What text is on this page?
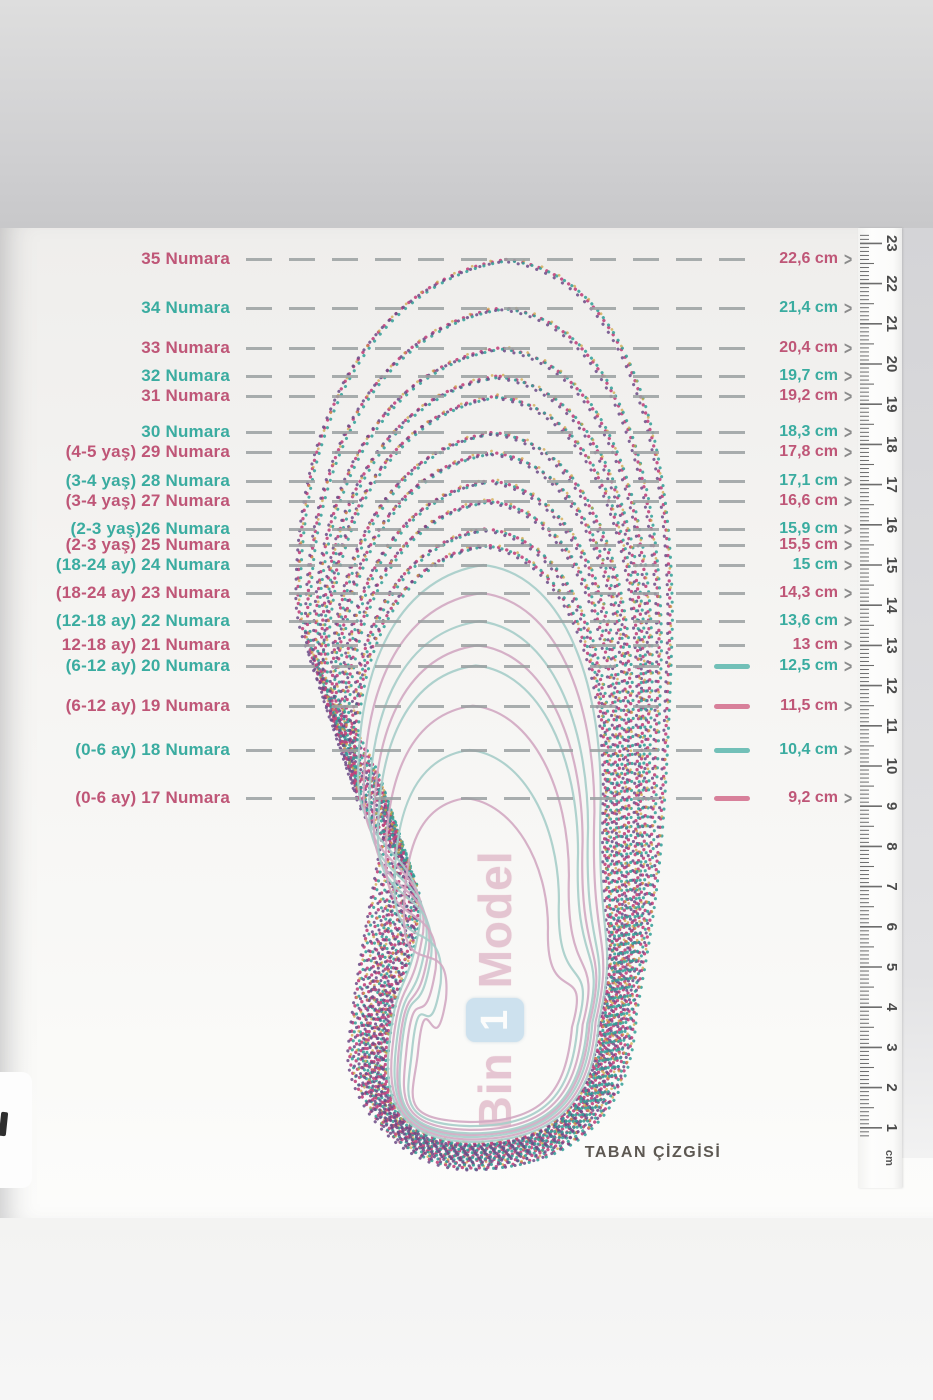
Bin
1
Model
1
2
3
4
5
6
7
8
9
10
11
12
13
14
15
16
17
18
19
20
21
22
23
cm
35 Numara	22,6 cm >
34 Numara	21,4 cm >
33 Numara	20,4 cm >
32 Numara	19,7 cm >
31 Numara	19,2 cm >
30 Numara	18,3 cm >
(4-5 yaş) 29 Numara	17,8 cm >
(3-4 yaş) 28 Numara	17,1 cm >
(3-4 yaş) 27 Numara	16,6 cm >
(2-3 yaş)26 Numara	15,9 cm >
(2-3 yaş) 25 Numara	15,5 cm >
(18-24 ay) 24 Numara	15 cm >
(18-24 ay) 23 Numara	14,3 cm >
(12-18 ay) 22 Numara	13,6 cm >
12-18 ay) 21 Numara	13 cm >
(6-12 ay) 20 Numara	12,5 cm >
(6-12 ay) 19 Numara	11,5 cm >
(0-6 ay) 18 Numara	10,4 cm >
(0-6 ay) 17 Numara	9,2 cm >
TABAN ÇİZGİSİ
